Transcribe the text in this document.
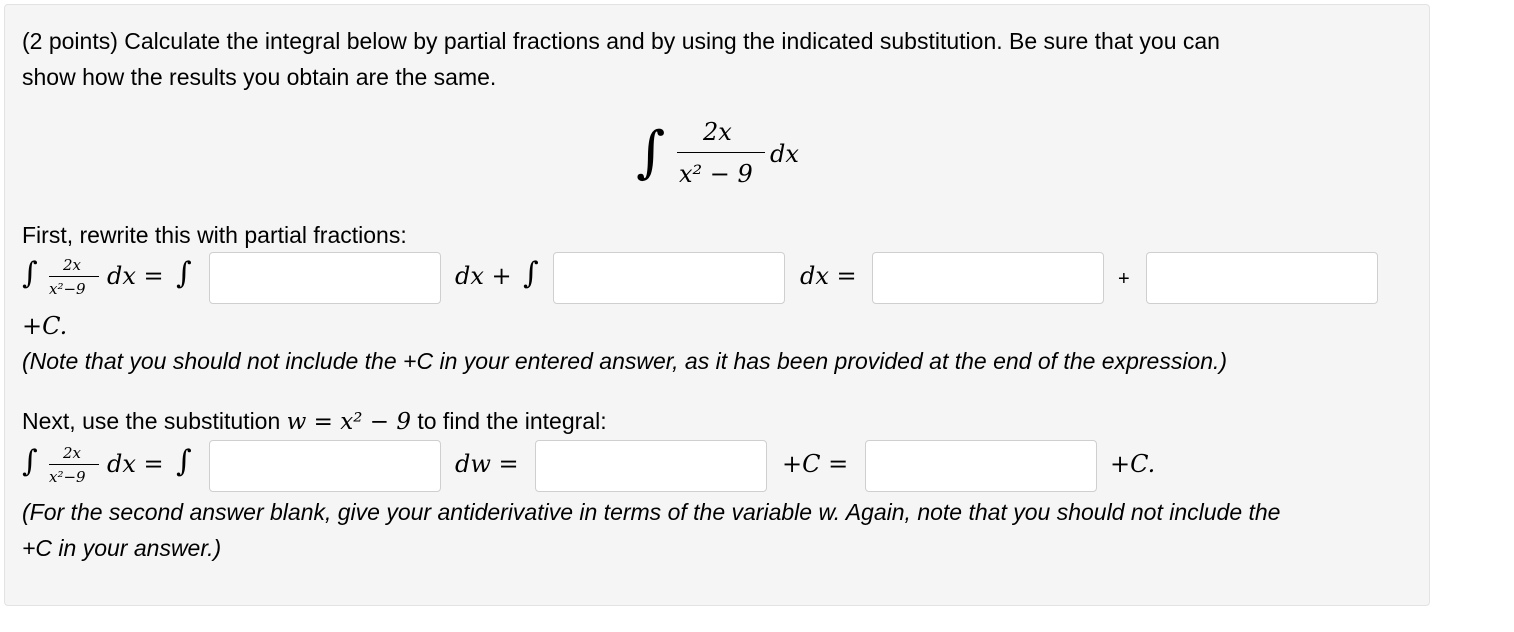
(2 points) Calculate the integral below by partial fractions and by using the indicated substitution. Be sure that you can
show how the results you obtain are the same.
∫ 2x
x² − 9
dx
First, rewrite this with partial fractions:
∫ 2x
x²−9 dx = ∫	dx + ∫	dx =	+
+C.
(Note that you should not include the +C in your entered answer, as it has been provided at the end of the expression.)
Next, use the substitution w = x² − 9 to find the integral:
∫ 2x
x²−9 dx = ∫	dw =	+C =	+C.
(For the second answer blank, give your antiderivative in terms of the variable w. Again, note that you should not include the
+C in your answer.)
